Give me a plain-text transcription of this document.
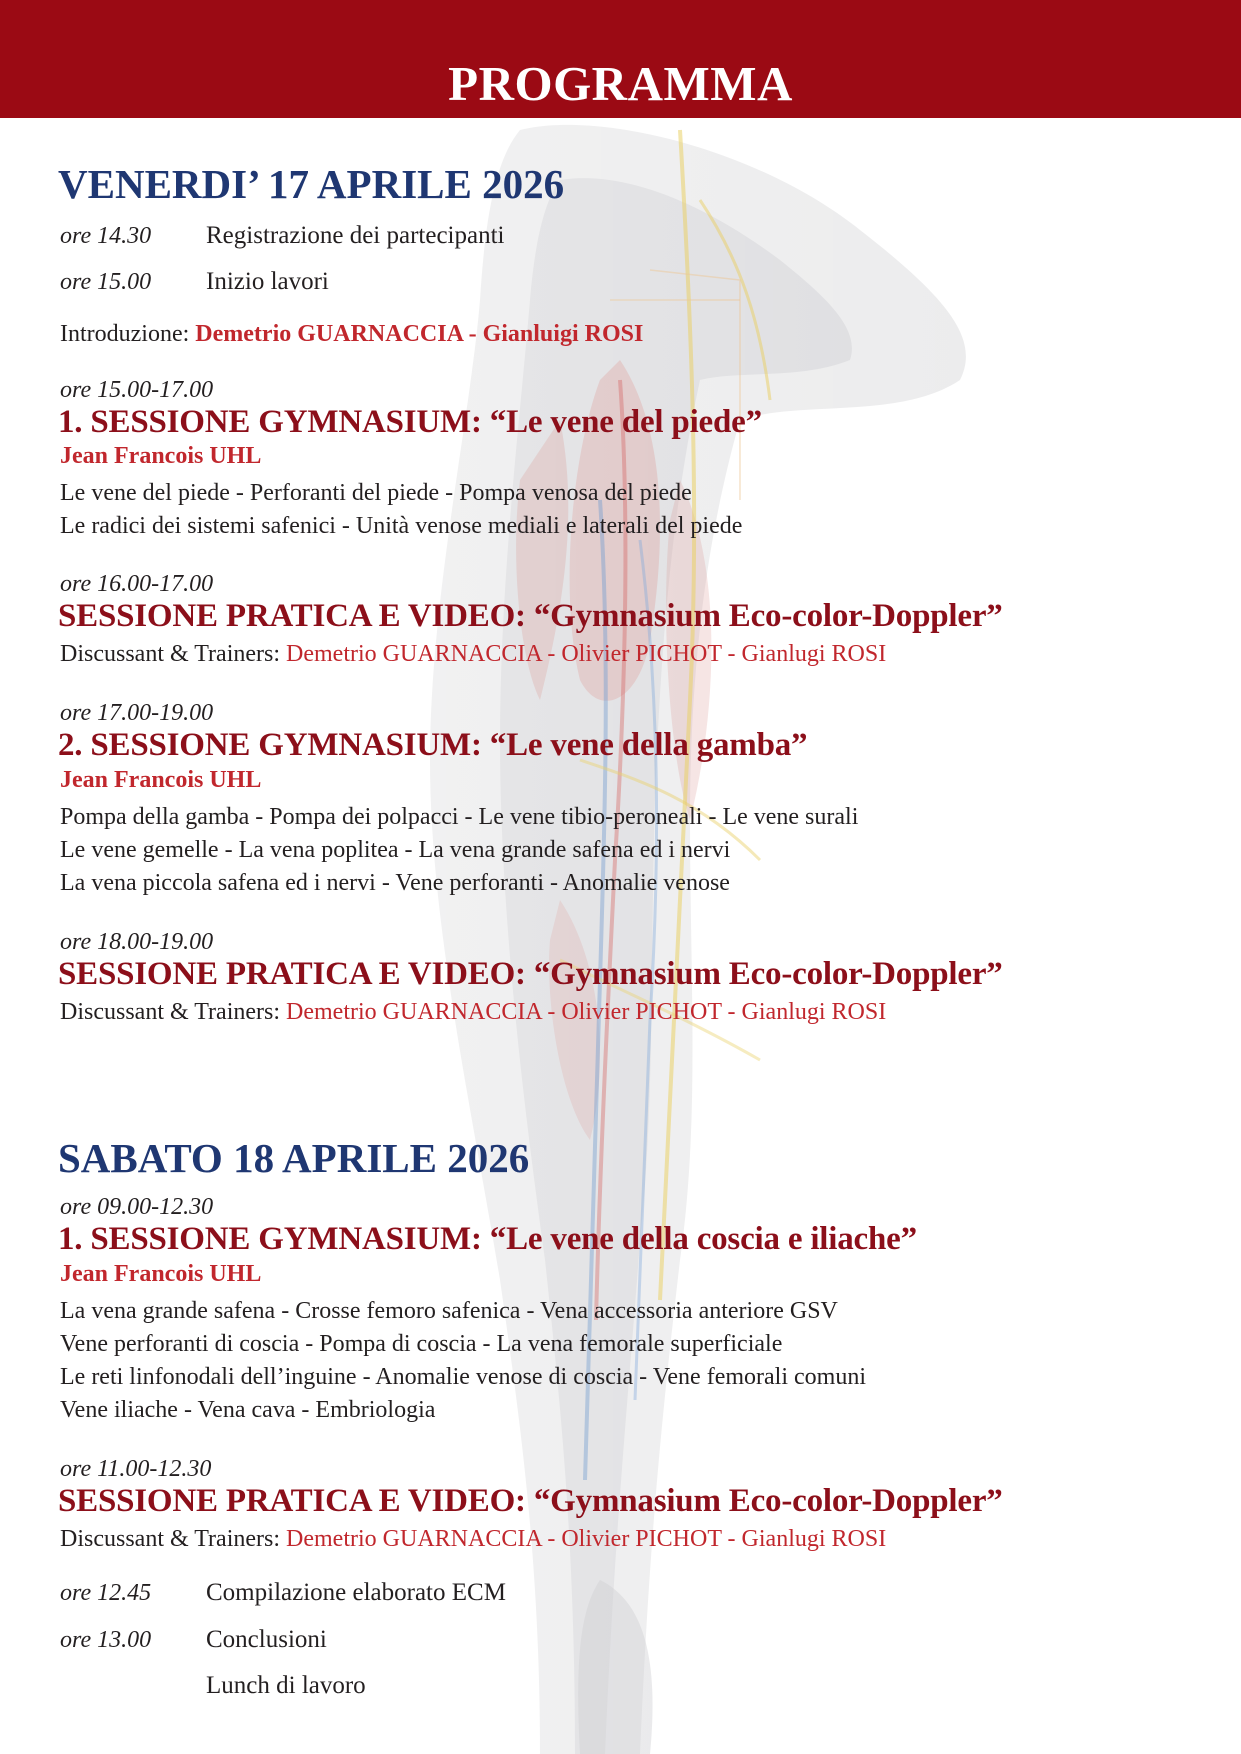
PROGRAMMA
VENERDI’ 17 APRILE 2026
ore 14.30 Registrazione dei partecipanti
ore 15.00 Inizio lavori
Introduzione: Demetrio GUARNACCIA - Gianluigi ROSI
ore 15.00-17.00
1. SESSIONE GYMNASIUM: “Le vene del piede”
Jean Francois UHL
Le vene del piede - Perforanti del piede - Pompa venosa del piede
Le radici dei sistemi safenici - Unità venose mediali e laterali del piede
ore 16.00-17.00
SESSIONE PRATICA E VIDEO: “Gymnasium Eco-color-Doppler”
Discussant & Trainers: Demetrio GUARNACCIA - Olivier PICHOT - Gianlugi ROSI
ore 17.00-19.00
2. SESSIONE GYMNASIUM: “Le vene della gamba”
Jean Francois UHL
Pompa della gamba - Pompa dei polpacci - Le vene tibio-peroneali - Le vene surali
Le vene gemelle - La vena poplitea - La vena grande safena ed i nervi
La vena piccola safena ed i nervi - Vene perforanti - Anomalie venose
ore 18.00-19.00
SESSIONE PRATICA E VIDEO: “Gymnasium Eco-color-Doppler”
Discussant & Trainers: Demetrio GUARNACCIA - Olivier PICHOT - Gianlugi ROSI
SABATO 18 APRILE 2026
ore 09.00-12.30
1. SESSIONE GYMNASIUM: “Le vene della coscia e iliache”
Jean Francois UHL
La vena grande safena - Crosse femoro safenica - Vena accessoria anteriore GSV
Vene perforanti di coscia - Pompa di coscia - La vena femorale superficiale
Le reti linfonodali dell’inguine - Anomalie venose di coscia - Vene femorali comuni
Vene iliache - Vena cava - Embriologia
ore 11.00-12.30
SESSIONE PRATICA E VIDEO: “Gymnasium Eco-color-Doppler”
Discussant & Trainers: Demetrio GUARNACCIA - Olivier PICHOT - Gianlugi ROSI
ore 12.45 Compilazione elaborato ECM
ore 13.00 Conclusioni
Lunch di lavoro
